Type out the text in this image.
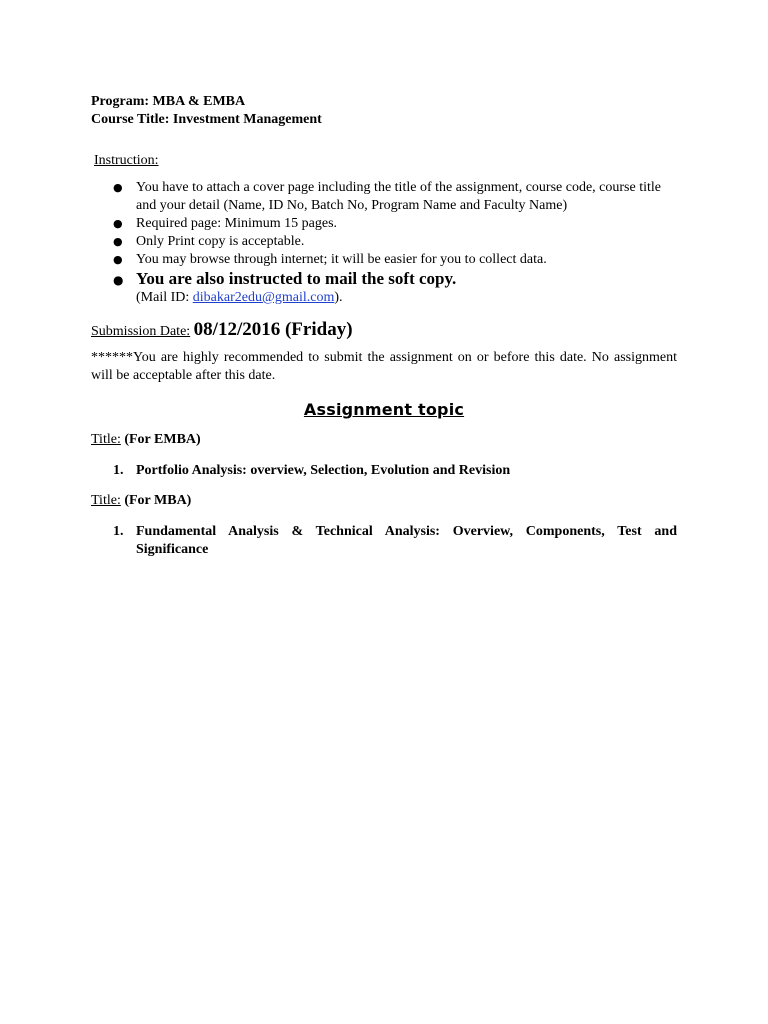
Program: MBA & EMBA
Course Title: Investment Management
Instruction:
● You have to attach a cover page including the title of the assignment, course code, course title and your detail (Name, ID No, Batch No, Program Name and Faculty Name)
● Required page: Minimum 15 pages.
● Only Print copy is acceptable.
● You may browse through internet; it will be easier for you to collect data.
● You are also instructed to mail the soft copy.
(Mail ID: dibakar2edu@gmail.com).
Submission Date: 08/12/2016 (Friday)
******You are highly recommended to submit the assignment on or before this date. No assignment will be acceptable after this date.
Assignment topic
Title: (For EMBA)
1. Portfolio Analysis: overview, Selection, Evolution and Revision
Title: (For MBA)
1. Fundamental Analysis & Technical Analysis: Overview, Components, Test and Significance
